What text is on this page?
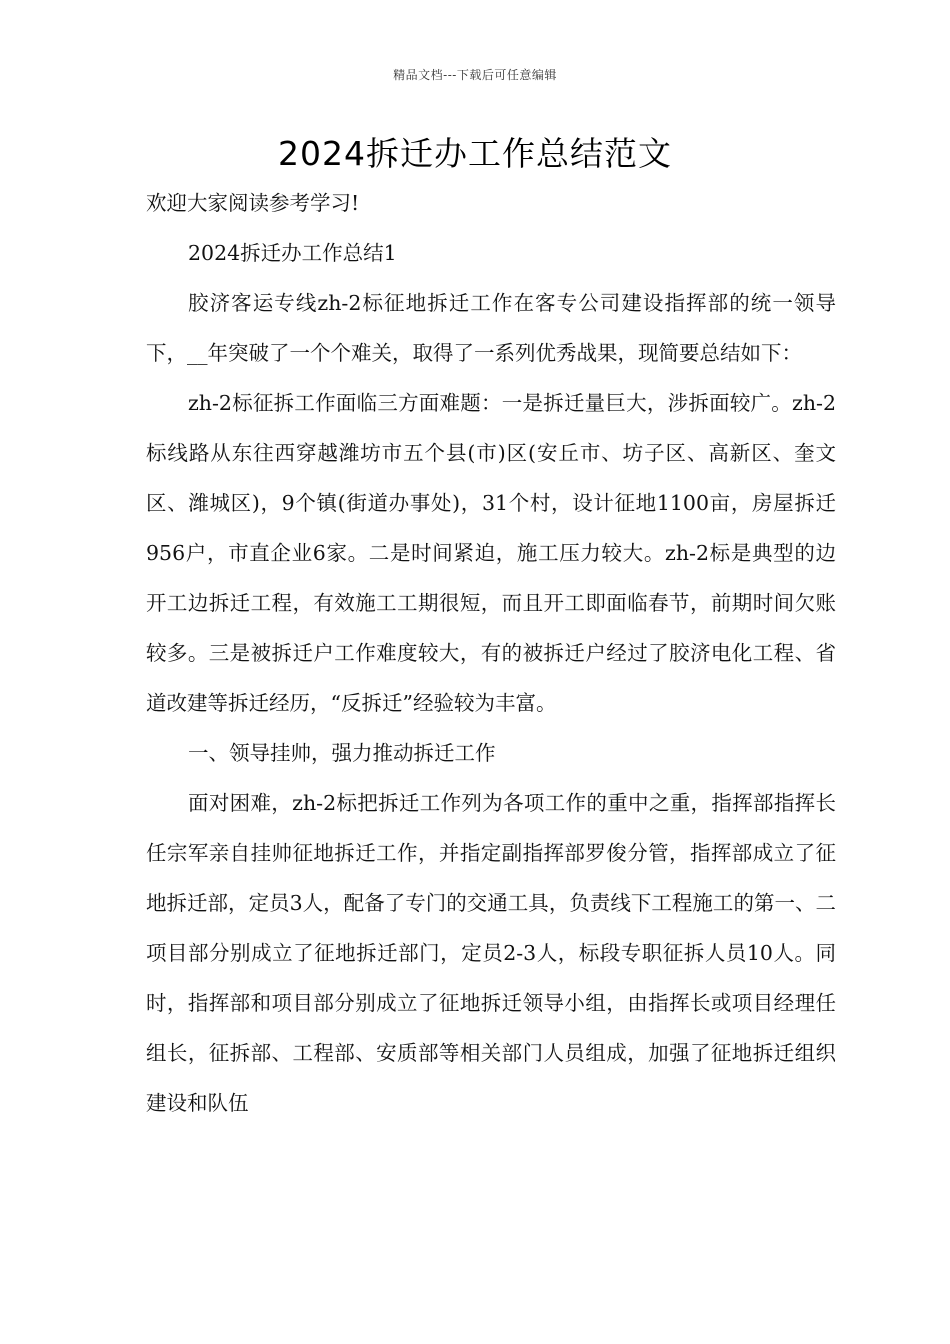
精品文档---下载后可任意编辑
2024拆迁办工作总结范文

欢迎大家阅读参考学习!

2024拆迁办工作总结1

胶济客运专线zh-2标征地拆迁工作在客专公司建设指挥部的统一领导下，__年突破了一个个难关，取得了一系列优秀战果，现简要总结如下：

zh-2标征拆工作面临三方面难题：一是拆迁量巨大，涉拆面较广。zh-2标线路从东往西穿越潍坊市五个县(市)区(安丘市、坊子区、高新区、奎文区、潍城区)，9个镇(街道办事处)，31个村，设计征地1100亩，房屋拆迁956户，市直企业6家。二是时间紧迫，施工压力较大。zh-2标是典型的边开工边拆迁工程，有效施工工期很短，而且开工即面临春节，前期时间欠账较多。三是被拆迁户工作难度较大，有的被拆迁户经过了胶济电化工程、省道改建等拆迁经历，“反拆迁”经验较为丰富。

一、领导挂帅，强力推动拆迁工作

面对困难，zh-2标把拆迁工作列为各项工作的重中之重，指挥部指挥长任宗军亲自挂帅征地拆迁工作，并指定副指挥部罗俊分管，指挥部成立了征地拆迁部，定员3人，配备了专门的交通工具，负责线下工程施工的第一、二项目部分别成立了征地拆迁部门，定员2-3人，标段专职征拆人员10人。同时，指挥部和项目部分别成立了征地拆迁领导小组，由指挥长或项目经理任组长，征拆部、工程部、安质部等相关部门人员组成，加强了征地拆迁组织建设和队伍
